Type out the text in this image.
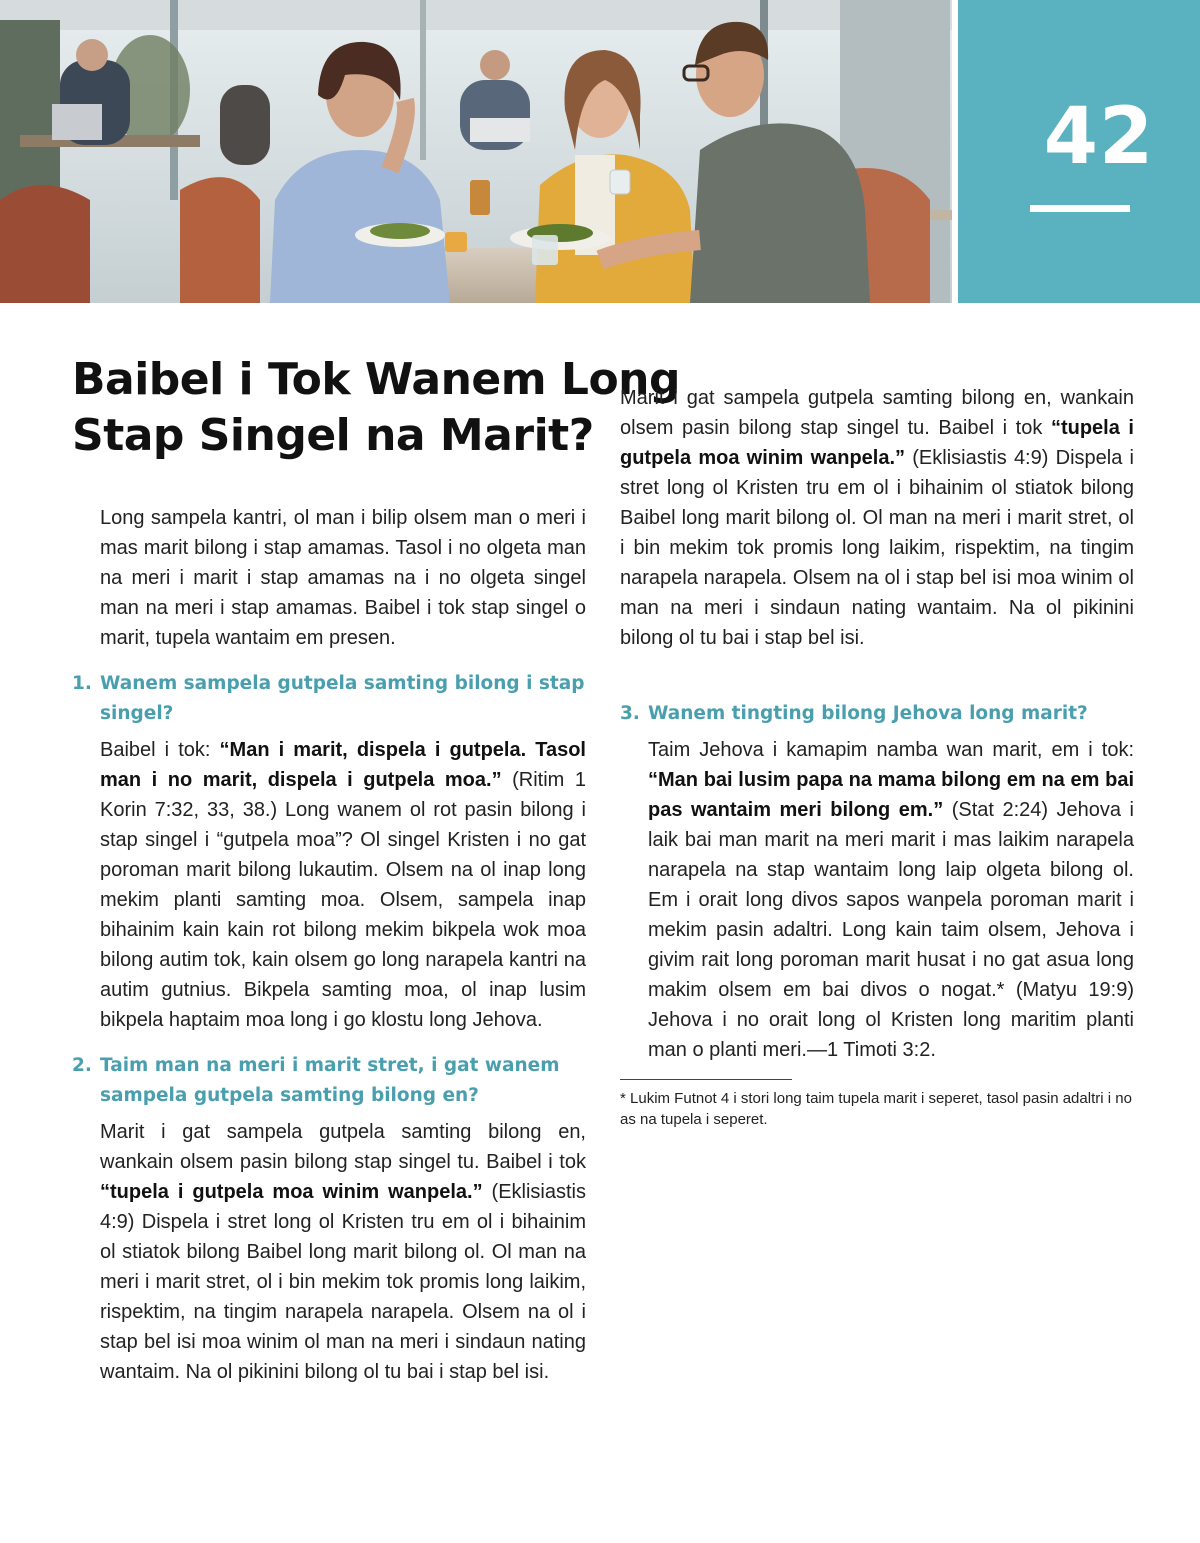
42
Baibel i Tok Wanem Long
Stap Singel na Marit?

Long sampela kantri, ol man i bilip olsem man o meri i mas marit bilong i stap amamas. Tasol i no olgeta man na meri i marit i stap amamas na i no olgeta singel man na meri i stap amamas. Baibel i tok stap singel o marit, tupela wantaim em presen.

1. Wanem sampela gutpela samting bilong i stap singel?

Baibel i tok: “Man i marit, dispela i gutpela. Tasol man i no marit, dispela i gutpela moa.” (Ritim 1 Korin 7:32, 33, 38.) Long wanem ol rot pasin bilong i stap singel i “gutpela moa”? Ol singel Kristen i no gat poroman marit bilong lukautim. Olsem na ol inap long mekim planti samting moa. Olsem, sampela inap bihainim kain kain rot bilong mekim bikpela wok moa bilong autim tok, kain olsem go long narapela kantri na autim gutnius. Bikpela samting moa, ol inap lusim bikpela haptaim moa long i go klostu long Jehova.

2. Taim man na meri i marit stret, i gat wanem sampela gutpela samting bilong en?

Marit i gat sampela gutpela samting bilong en, wankain olsem pasin bilong stap singel tu. Baibel i tok “tupela i gutpela moa winim wanpela.” (Eklisiastis 4:9) Dispela i stret long ol Kristen tru em ol i bihainim ol stiatok bilong Baibel long marit bilong ol. Ol man na meri i marit stret, ol i bin mekim tok promis long laikim, rispektim, na tingim narapela narapela. Olsem na ol i stap bel isi moa winim ol man na meri i sindaun nating wantaim. Na ol pikinini bilong ol tu bai i stap bel isi.

Marit i gat sampela gutpela samting bilong en, wankain olsem pasin bilong stap singel tu. Baibel i tok “tupela i gutpela moa winim wanpela.” (Eklisiastis 4:9) Dispela i stret long ol Kristen tru em ol i bihainim ol stiatok bilong Baibel long marit bilong ol. Ol man na meri i marit stret, ol i bin mekim tok promis long laikim, rispektim, na tingim narapela narapela. Olsem na ol i stap bel isi moa winim ol man na meri i sindaun nating wantaim. Na ol pikinini bilong ol tu bai i stap bel isi.

3. Wanem tingting bilong Jehova long marit?

Taim Jehova i kamapim namba wan marit, em i tok: “Man bai lusim papa na mama bilong em na em bai pas wantaim meri bilong em.” (Stat 2:24) Jehova i laik bai man marit na meri marit i mas laikim narapela narapela na stap wantaim long laip olgeta bilong ol. Em i orait long divos sapos wanpela poroman marit i mekim pasin adaltri. Long kain taim olsem, Jehova i givim rait long poroman marit husat i no gat asua long makim olsem em bai divos o nogat.* (Matyu 19:9) Jehova i no orait long ol Kristen long maritim planti man o planti meri.—1 Timoti 3:2.

* Lukim Futnot 4 i stori long taim tupela marit i seperet, tasol pasin adaltri i no as na tupela i seperet.
